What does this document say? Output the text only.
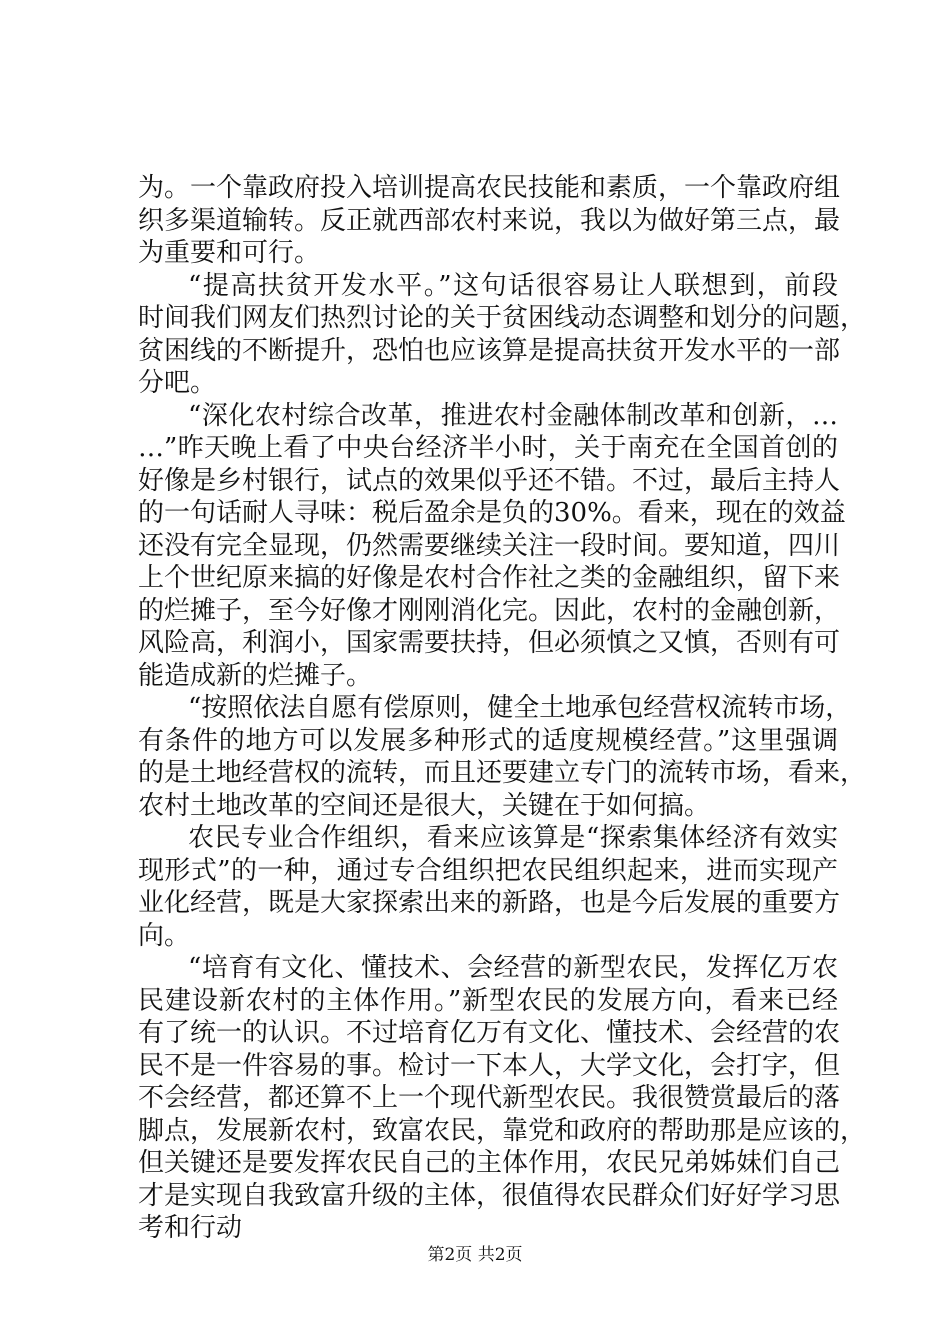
为。一个靠政府投入培训提高农民技能和素质，一个靠政府组
织多渠道输转。反正就西部农村来说，我以为做好第三点，最
为重要和可行。
“提高扶贫开发水平。”这句话很容易让人联想到，前段
时间我们网友们热烈讨论的关于贫困线动态调整和划分的问题，
贫困线的不断提升，恐怕也应该算是提高扶贫开发水平的一部
分吧。
“深化农村综合改革，推进农村金融体制改革和创新，…
…”昨天晚上看了中央台经济半小时，关于南充在全国首创的
好像是乡村银行，试点的效果似乎还不错。不过，最后主持人
的一句话耐人寻味：税后盈余是负的30%。看来，现在的效益
还没有完全显现，仍然需要继续关注一段时间。要知道，四川
上个世纪原来搞的好像是农村合作社之类的金融组织，留下来
的烂摊子，至今好像才刚刚消化完。因此，农村的金融创新，
风险高，利润小，国家需要扶持，但必须慎之又慎，否则有可
能造成新的烂摊子。
“按照依法自愿有偿原则，健全土地承包经营权流转市场，
有条件的地方可以发展多种形式的适度规模经营。”这里强调
的是土地经营权的流转，而且还要建立专门的流转市场，看来，
农村土地改革的空间还是很大，关键在于如何搞。
农民专业合作组织，看来应该算是“探索集体经济有效实
现形式”的一种，通过专合组织把农民组织起来，进而实现产
业化经营，既是大家探索出来的新路，也是今后发展的重要方
向。
“培育有文化、懂技术、会经营的新型农民，发挥亿万农
民建设新农村的主体作用。”新型农民的发展方向，看来已经
有了统一的认识。不过培育亿万有文化、懂技术、会经营的农
民不是一件容易的事。检讨一下本人，大学文化，会打字，但
不会经营，都还算不上一个现代新型农民。我很赞赏最后的落
脚点，发展新农村，致富农民，靠党和政府的帮助那是应该的，
但关键还是要发挥农民自己的主体作用，农民兄弟姊妹们自己
才是实现自我致富升级的主体，很值得农民群众们好好学习思
考和行动
第2页 共2页
